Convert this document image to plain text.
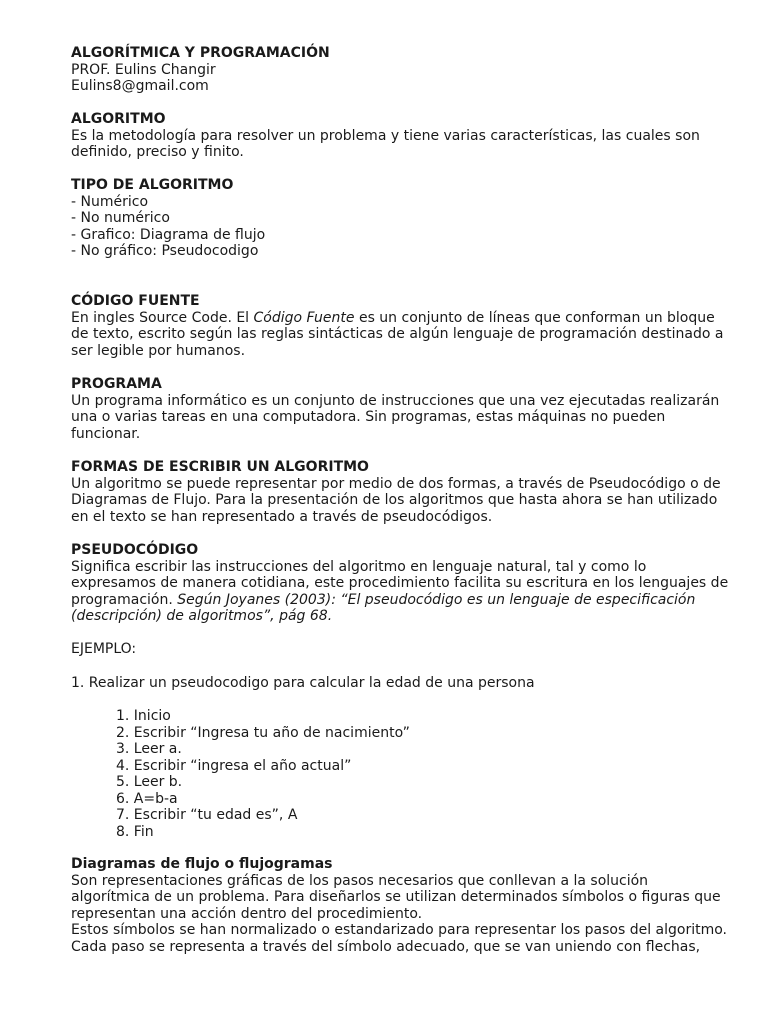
ALGORÍTMICA Y PROGRAMACIÓN
PROF. Eulins Changir
Eulins8@gmail.com
ALGORITMO
Es la metodología para resolver un problema y tiene varias características, las cuales son
definido, preciso y finito.
TIPO DE ALGORITMO
- Numérico
- No numérico
- Grafico: Diagrama de flujo
- No gráfico: Pseudocodigo
CÓDIGO FUENTE
En ingles Source Code. El Código Fuente es un conjunto de líneas que conforman un bloque
de texto, escrito según las reglas sintácticas de algún lenguaje de programación destinado a
ser legible por humanos.
PROGRAMA
Un programa informático es un conjunto de instrucciones que una vez ejecutadas realizarán
una o varias tareas en una computadora. Sin programas, estas máquinas no pueden
funcionar.
FORMAS DE ESCRIBIR UN ALGORITMO
Un algoritmo se puede representar por medio de dos formas, a través de Pseudocódigo o de
Diagramas de Flujo. Para la presentación de los algoritmos que hasta ahora se han utilizado
en el texto se han representado a través de pseudocódigos.
PSEUDOCÓDIGO
Significa escribir las instrucciones del algoritmo en lenguaje natural, tal y como lo
expresamos de manera cotidiana, este procedimiento facilita su escritura en los lenguajes de
programación. Según Joyanes (2003): “El pseudocódigo es un lenguaje de especificación
(descripción) de algoritmos”, pág 68.
EJEMPLO:
1. Realizar un pseudocodigo para calcular la edad de una persona
1. Inicio
2. Escribir “Ingresa tu año de nacimiento”
3. Leer a.
4. Escribir “ingresa el año actual”
5. Leer b.
6. A=b-a
7. Escribir “tu edad es”, A
8. Fin
Diagramas de flujo o flujogramas
Son representaciones gráficas de los pasos necesarios que conllevan a la solución
algorítmica de un problema. Para diseñarlos se utilizan determinados símbolos o figuras que
representan una acción dentro del procedimiento.
Estos símbolos se han normalizado o estandarizado para representar los pasos del algoritmo.
Cada paso se representa a través del símbolo adecuado, que se van uniendo con flechas,
